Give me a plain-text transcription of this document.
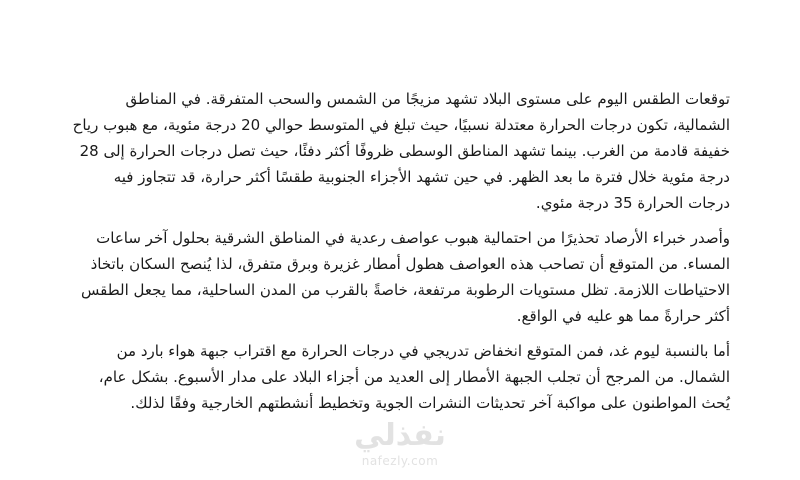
توقعات الطقس اليوم على مستوى البلاد تشهد مزيجًا من الشمس والسحب المتفرقة. في المناطق الشمالية، تكون درجات الحرارة معتدلة نسبيًا، حيث تبلغ في المتوسط حوالي 20 درجة مئوية، مع هبوب رياح خفيفة قادمة من الغرب. بينما تشهد المناطق الوسطى ظروفًا أكثر دفئًا، حيث تصل درجات الحرارة إلى 28 درجة مئوية خلال فترة ما بعد الظهر. في حين تشهد الأجزاء الجنوبية طقسًا أكثر حرارة، قد تتجاوز فيه درجات الحرارة 35 درجة مئوي.

وأصدر خبراء الأرصاد تحذيرًا من احتمالية هبوب عواصف رعدية في المناطق الشرقية بحلول آخر ساعات المساء. من المتوقع أن تصاحب هذه العواصف هطول أمطار غزيرة وبرق متفرق، لذا يُنصح السكان باتخاذ الاحتياطات اللازمة. تظل مستويات الرطوبة مرتفعة، خاصةً بالقرب من المدن الساحلية، مما يجعل الطقس أكثر حرارةً مما هو عليه في الواقع.

أما بالنسبة ليوم غد، فمن المتوقع انخفاض تدريجي في درجات الحرارة مع اقتراب جبهة هواء بارد من الشمال. من المرجح أن تجلب الجبهة الأمطار إلى العديد من أجزاء البلاد على مدار الأسبوع. بشكل عام، يُحث المواطنون على مواكبة آخر تحديثات النشرات الجوية وتخطيط أنشطتهم الخارجية وفقًا لذلك.

نفذلي
nafezly.com
